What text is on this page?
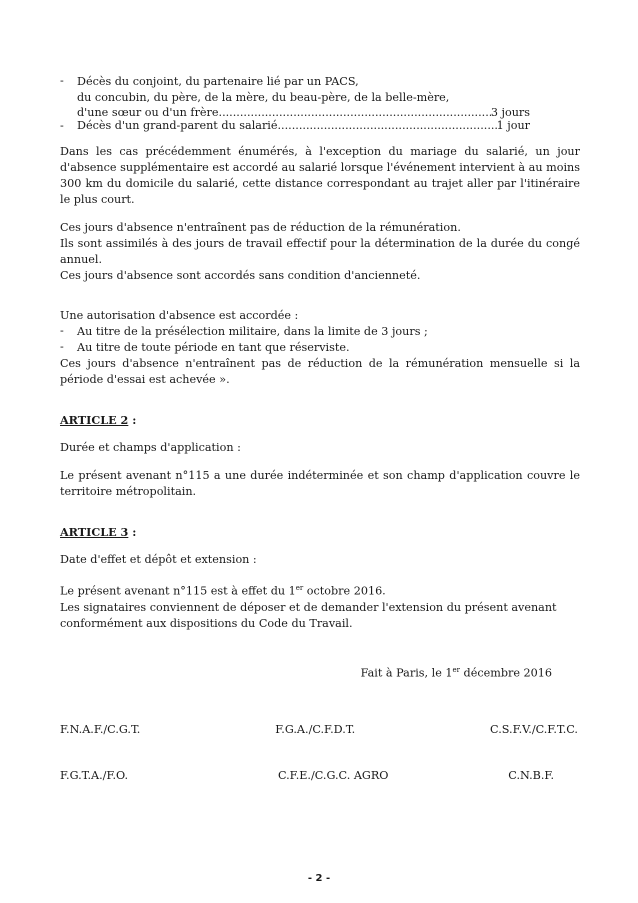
-	Décès du conjoint, du partenaire lié par un PACS,

du concubin, du père, de la mère, du beau-père, de la belle-mère,

d'une sœur ou d'un frère .....	3 jours
-	Décès d'un grand-parent du salarié .....	1 jour

Dans les cas précédemment énumérés, à l'exception du mariage du salarié, un jour d'absence supplémentaire est accordé au salarié lorsque l'événement intervient à au moins 300 km du domicile du salarié, cette distance correspondant au trajet aller par l'itinéraire le plus court.

Ces jours d'absence n'entraînent pas de réduction de la rémunération.

Ils sont assimilés à des jours de travail effectif pour la détermination de la durée du congé annuel.

Ces jours d'absence sont accordés sans condition d'ancienneté.

Une autorisation d'absence est accordée :

-	Au titre de la présélection militaire, dans la limite de 3 jours ;

-	Au titre de toute période en tant que réserviste.

Ces jours d'absence n'entraînent pas de réduction de la rémunération mensuelle si la période d'essai est achevée ».

ARTICLE 2 :

Durée et champs d'application :

Le présent avenant n°115 a une durée indéterminée et son champ d'application couvre le territoire métropolitain.

ARTICLE 3 :

Date d'effet et dépôt et extension :

Le présent avenant n°115 est à effet du 1er octobre 2016.

Les signataires conviennent de déposer et de demander l'extension du présent avenant conformément aux dispositions du Code du Travail.

Fait à Paris, le 1er décembre 2016

F.N.A.F./C.G.T.	F.G.A./C.F.D.T.	C.S.F.V./C.F.T.C.
F.G.T.A./F.O.	C.F.E./C.G.C. AGRO	C.N.B.F.
- 2 -
